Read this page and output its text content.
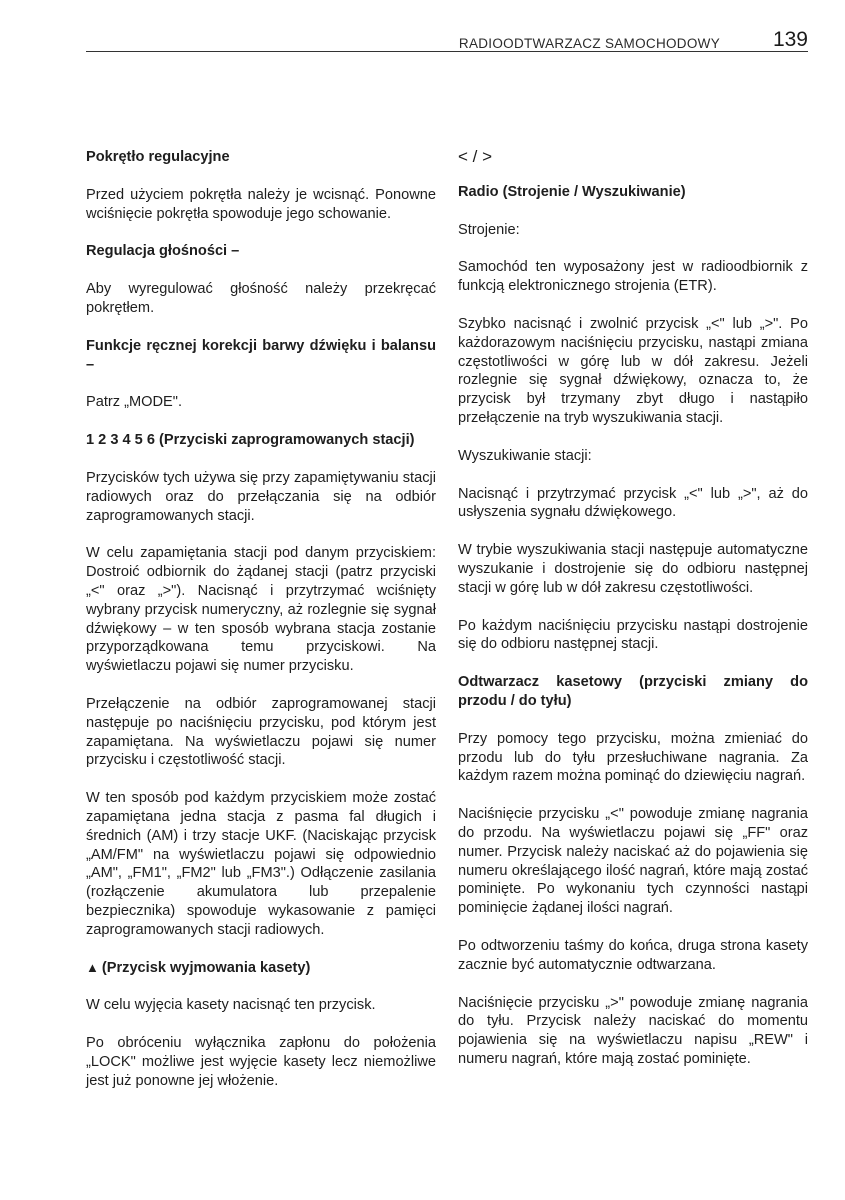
RADIOODTWARZACZ SAMOCHODOWY	139

Pokrętło regulacyjne

Przed użyciem pokrętła należy je wcisnąć. Ponowne wciśnięcie pokrętła spowoduje jego schowanie.

Regulacja głośności –

Aby wyregulować głośność należy przekręcać pokrętłem.

Funkcje ręcznej korekcji barwy dźwięku i balansu –

Patrz „MODE".

1 2 3 4 5 6 (Przyciski zaprogramowanych stacji)

Przycisków tych używa się przy zapamiętywaniu stacji radiowych oraz do przełączania się na odbiór zaprogramowanych stacji.

W celu zapamiętania stacji pod danym przyciskiem: Dostroić odbiornik do żądanej stacji (patrz przyciski „<" oraz „>"). Nacisnąć i przytrzymać wciśnięty wybrany przycisk numeryczny, aż rozlegnie się sygnał dźwiękowy – w ten sposób wybrana stacja zostanie przyporządkowana temu przyciskowi. Na wyświetlaczu pojawi się numer przycisku.

Przełączenie na odbiór zaprogramowanej stacji następuje po naciśnięciu przycisku, pod którym jest zapamiętana. Na wyświetlaczu pojawi się numer przycisku i częstotliwość stacji.

W ten sposób pod każdym przyciskiem może zostać zapamiętana jedna stacja z pasma fal długich i średnich (AM) i trzy stacje UKF. (Naciskając przycisk „AM/FM" na wyświetlaczu pojawi się odpowiednio „AM", „FM1", „FM2" lub „FM3".) Odłączenie zasilania (rozłączenie akumulatora lub przepalenie bezpiecznika) spowoduje wykasowanie z pamięci zaprogramowanych stacji radiowych.

▲ (Przycisk wyjmowania kasety)

W celu wyjęcia kasety nacisnąć ten przycisk.

Po obróceniu wyłącznika zapłonu do położenia „LOCK" możliwe jest wyjęcie kasety lecz niemożliwe jest już ponowne jej włożenie.

< / >

Radio (Strojenie / Wyszukiwanie)

Strojenie:

Samochód ten wyposażony jest w radioodbiornik z funkcją elektronicznego strojenia (ETR).

Szybko nacisnąć i zwolnić przycisk „<" lub „>". Po każdorazowym naciśnięciu przycisku, nastąpi zmiana częstotliwości w górę lub w dół zakresu. Jeżeli rozlegnie się sygnał dźwiękowy, oznacza to, że przycisk był trzymany zbyt długo i nastąpiło przełączenie na tryb wyszukiwania stacji.

Wyszukiwanie stacji:

Nacisnąć i przytrzymać przycisk „<" lub „>", aż do usłyszenia sygnału dźwiękowego.

W trybie wyszukiwania stacji następuje automatyczne wyszukanie i dostrojenie się do odbioru następnej stacji w górę lub w dół zakresu częstotliwości.

Po każdym naciśnięciu przycisku nastąpi dostrojenie się do odbioru następnej stacji.

Odtwarzacz kasetowy (przyciski zmiany do przodu / do tyłu)

Przy pomocy tego przycisku, można zmieniać do przodu lub do tyłu przesłuchiwane nagrania. Za każdym razem można pominąć do dziewięciu nagrań.

Naciśnięcie przycisku „<" powoduje zmianę nagrania do przodu. Na wyświetlaczu pojawi się „FF" oraz numer. Przycisk należy naciskać aż do pojawienia się numeru określającego ilość nagrań, które mają zostać pominięte. Po wykonaniu tych czynności nastąpi pominięcie żądanej ilości nagrań.

Po odtworzeniu taśmy do końca, druga strona kasety zacznie być automatycznie odtwarzana.

Naciśnięcie przycisku „>" powoduje zmianę nagrania do tyłu. Przycisk należy naciskać do momentu pojawienia się na wyświetlaczu napisu „REW" i numeru nagrań, które mają zostać pominięte.
